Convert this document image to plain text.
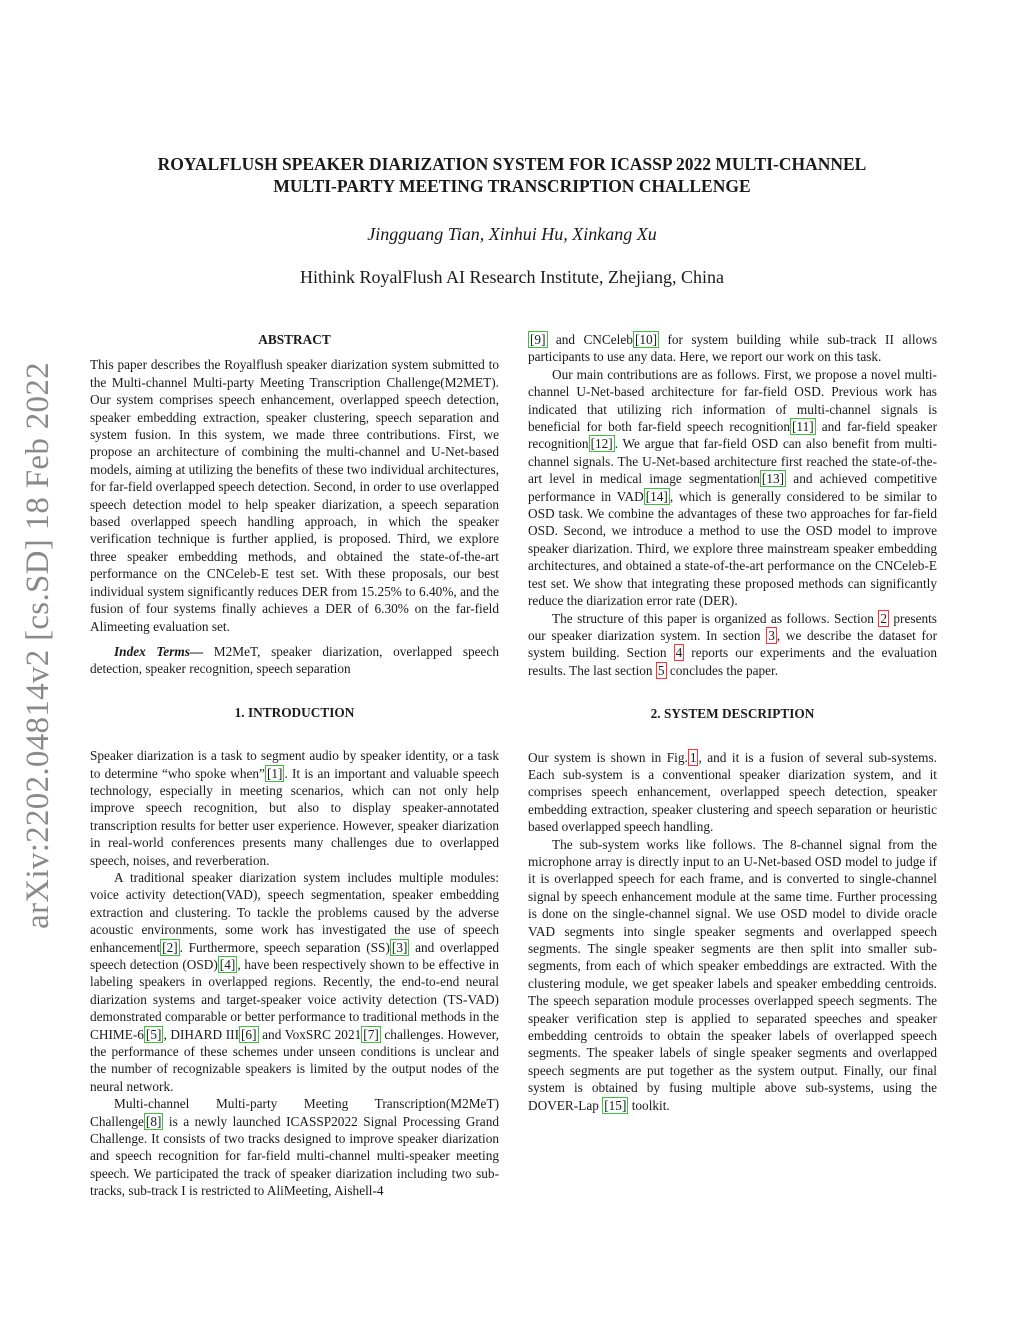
arXiv:2202.04814v2 [cs.SD] 18 Feb 2022
ROYALFLUSH SPEAKER DIARIZATION SYSTEM FOR ICASSP 2022 MULTI-CHANNEL
MULTI-PARTY MEETING TRANSCRIPTION CHALLENGE
Jingguang Tian, Xinhui Hu, Xinkang Xu
Hithink RoyalFlush AI Research Institute, Zhejiang, China
ABSTRACT

This paper describes the Royalflush speaker diarization system submitted to the Multi-channel Multi-party Meeting Transcription Challenge(M2MET). Our system comprises speech enhancement, overlapped speech detection, speaker embedding extraction, speaker clustering, speech separation and system fusion. In this system, we made three contributions. First, we propose an architecture of combining the multi-channel and U-Net-based models, aiming at utilizing the benefits of these two individual architectures, for far-field overlapped speech detection. Second, in order to use overlapped speech detection model to help speaker diarization, a speech separation based overlapped speech handling approach, in which the speaker verification technique is further applied, is proposed. Third, we explore three speaker embedding methods, and obtained the state-of-the-art performance on the CNCeleb-E test set. With these proposals, our best individual system significantly reduces DER from 15.25% to 6.40%, and the fusion of four systems finally achieves a DER of 6.30% on the far-field Alimeeting evaluation set.

Index Terms— M2MeT, speaker diarization, overlapped speech detection, speaker recognition, speech separation

1. INTRODUCTION

Speaker diarization is a task to segment audio by speaker identity, or a task to determine “who spoke when” [1] . It is an important and valuable speech technology, especially in meeting scenarios, which can not only help improve speech recognition, but also to display speaker-annotated transcription results for better user experience. However, speaker diarization in real-world conferences presents many challenges due to overlapped speech, noises, and reverberation.

A traditional speaker diarization system includes multiple modules: voice activity detection(VAD), speech segmentation, speaker embedding extraction and clustering. To tackle the problems caused by the adverse acoustic environments, some work has investigated the use of speech enhancement [2] . Furthermore, speech separation (SS) [3] and overlapped speech detection (OSD) [4] , have been respectively shown to be effective in labeling speakers in overlapped regions. Recently, the end-to-end neural diarization systems and target-speaker voice activity detection (TS-VAD) demonstrated comparable or better performance to traditional methods in the CHIME-6 [5] , DIHARD III [6] and VoxSRC 2021 [7] challenges. However, the performance of these schemes under unseen conditions is unclear and the number of recognizable speakers is limited by the output nodes of the neural network.

Multi-channel Multi-party Meeting Transcription(M2MeT) Challenge [8] is a newly launched ICASSP2022 Signal Processing Grand Challenge. It consists of two tracks designed to improve speaker diarization and speech recognition for far-field multi-channel multi-speaker meeting speech. We participated the track of speaker diarization including two sub-tracks, sub-track I is restricted to AliMeeting, Aishell-4

[9] and CNCeleb [10] for system building while sub-track II allows participants to use any data. Here, we report our work on this task.

Our main contributions are as follows. First, we propose a novel multi-channel U-Net-based architecture for far-field OSD. Previous work has indicated that utilizing rich information of multi-channel signals is beneficial for both far-field speech recognition [11] and far-field speaker recognition [12] . We argue that far-field OSD can also benefit from multi-channel signals. The U-Net-based architecture first reached the state-of-the-art level in medical image segmentation [13] and achieved competitive performance in VAD [14] , which is generally considered to be similar to OSD task. We combine the advantages of these two approaches for far-field OSD. Second, we introduce a method to use the OSD model to improve speaker diarization. Third, we explore three mainstream speaker embedding architectures, and obtained a state-of-the-art performance on the CNCeleb-E test set. We show that integrating these proposed methods can significantly reduce the diarization error rate (DER).

The structure of this paper is organized as follows. Section 2 presents our speaker diarization system. In section 3 , we describe the dataset for system building. Section 4 reports our experiments and the evaluation results. The last section 5 concludes the paper.

2. SYSTEM DESCRIPTION

Our system is shown in Fig. 1 , and it is a fusion of several sub-systems. Each sub-system is a conventional speaker diarization system, and it comprises speech enhancement, overlapped speech detection, speaker embedding extraction, speaker clustering and speech separation or heuristic based overlapped speech handling.

The sub-system works like follows. The 8-channel signal from the microphone array is directly input to an U-Net-based OSD model to judge if it is overlapped speech for each frame, and is converted to single-channel signal by speech enhancement module at the same time. Further processing is done on the single-channel signal. We use OSD model to divide oracle VAD segments into single speaker segments and overlapped speech segments. The single speaker segments are then split into smaller sub-segments, from each of which speaker embeddings are extracted. With the clustering module, we get speaker labels and speaker embedding centroids. The speech separation module processes overlapped speech segments. The speaker verification step is applied to separated speeches and speaker embedding centroids to obtain the speaker labels of overlapped speech segments. The speaker labels of single speaker segments and overlapped speech segments are put together as the system output. Finally, our final system is obtained by fusing multiple above sub-systems, using the DOVER-Lap [15] toolkit.
